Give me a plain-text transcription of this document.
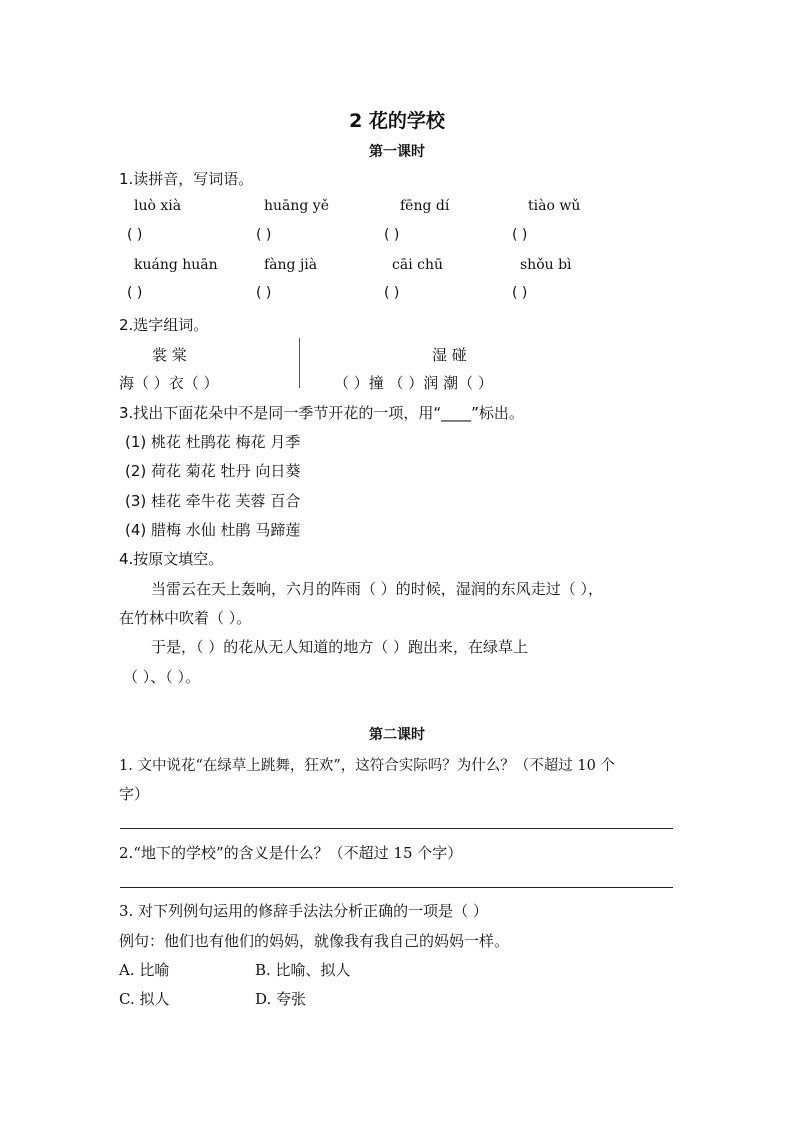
2 花的学校
第一课时
1.读拼音，写词语。
luò xià	huāng yě	fēng dí	tiào wǔ
( )	( )	( )	( )
kuáng huān	fàng jià	cāi chū	shǒu bì
( )	( )	( )	( )
2.选字组词。
裳 棠
海（ ）衣（ ）
湿 碰
（ ）撞 （ ）润 潮（ ）
3.找出下面花朵中不是同一季节开花的一项，用“____”标出。
(1) 桃花 杜鹃花 梅花 月季
(2) 荷花 菊花 牡丹 向日葵
(3) 桂花 牵牛花 芙蓉 百合
(4) 腊梅 水仙 杜鹃 马蹄莲
4.按原文填空。
当雷云在天上轰响，六月的阵雨（ ）的时候，湿润的东风走过（ ），
在竹林中吹着（ ）。
于是，（ ）的花从无人知道的地方（ ）跑出来，在绿草上
（ ）、（ ）。
第二课时
1. 文中说花“在绿草上跳舞，狂欢”，这符合实际吗？为什么？（不超过 10 个
字）
2.“地下的学校”的含义是什么？（不超过 15 个字）
3. 对下列例句运用的修辞手法法分析正确的一项是（ ）
例句：他们也有他们的妈妈，就像我有我自己的妈妈一样。
A. 比喻	B. 比喻、拟人
C. 拟人	D. 夸张
